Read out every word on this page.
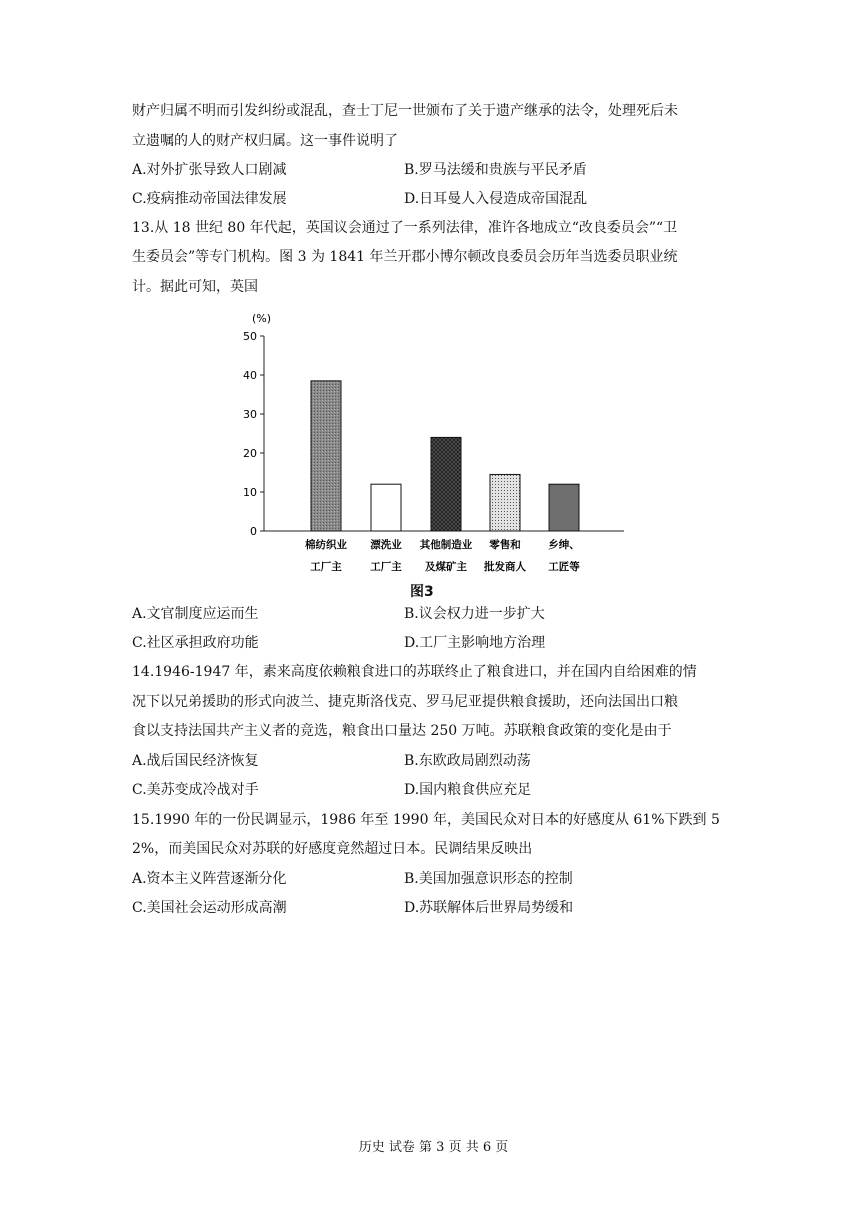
财产归属不明而引发纠纷或混乱，查士丁尼一世颁布了关于遗产继承的法令，处理死后未
立遗嘱的人的财产权归属。这一事件说明了
A.对外扩张导致人口剧减	B.罗马法缓和贵族与平民矛盾
C.疫病推动帝国法律发展	D.日耳曼人入侵造成帝国混乱
13.从 18 世纪 80 年代起，英国议会通过了一系列法律，准许各地成立“改良委员会”“卫
生委员会”等专门机构。图 3 为 1841 年兰开郡小博尔顿改良委员会历年当选委员职业统
计。据此可知，英国
(%)
0
10
20
30
40
50
棉纺织业
工厂主
漂洗业
工厂主
其他制造业
及煤矿主
零售和
批发商人
乡绅、
工匠等
图3
A.文官制度应运而生	B.议会权力进一步扩大
C.社区承担政府功能	D.工厂主影响地方治理
14.1946-1947 年，素来高度依赖粮食进口的苏联终止了粮食进口，并在国内自给困难的情
况下以兄弟援助的形式向波兰、捷克斯洛伐克、罗马尼亚提供粮食援助，还向法国出口粮
食以支持法国共产主义者的竞选，粮食出口量达 250 万吨。苏联粮食政策的变化是由于
A.战后国民经济恢复	B.东欧政局剧烈动荡
C.美苏变成冷战对手	D.国内粮食供应充足
15.1990 年的一份民调显示，1986 年至 1990 年，美国民众对日本的好感度从 61%下跌到 5
2%，而美国民众对苏联的好感度竟然超过日本。民调结果反映出
A.资本主义阵营逐渐分化	B.美国加强意识形态的控制
C.美国社会运动形成高潮	D.苏联解体后世界局势缓和
历史 试卷 第 3 页 共 6 页
